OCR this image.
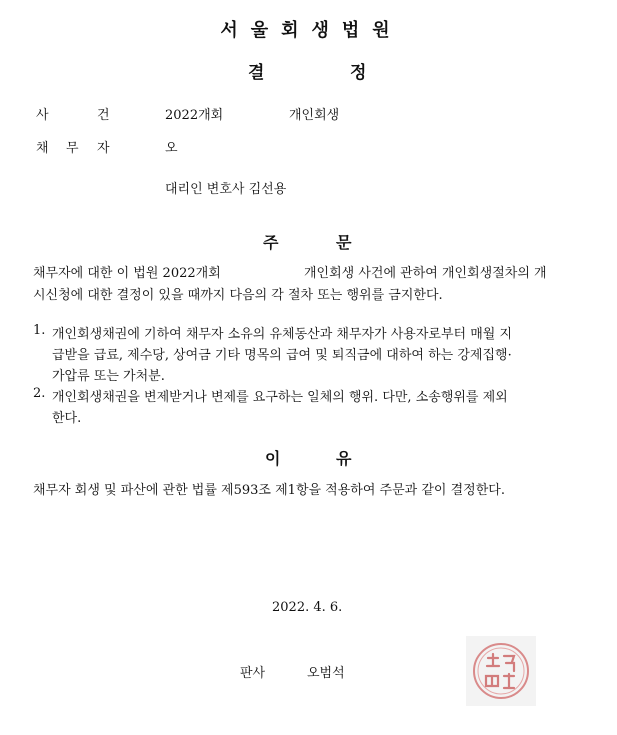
서울회생법원
결	정
사	건	2022개회	개인회생
채 무 자	오
대리인 변호사 김선용
주	문
채무자에 대한 이 법원 2022개회	개인회생 사건에 관하여 개인회생절차의 개
시신청에 대한 결정이 있을 때까지 다음의 각 절차 또는 행위를 금지한다.
1. 개인회생채권에 기하여 채무자 소유의 유체동산과 채무자가 사용자로부터 매월 지
급받을 급료, 제수당, 상여금 기타 명목의 급여 및 퇴직금에 대하여 하는 강제집행·
가압류 또는 가처분.
2. 개인회생채권을 변제받거나 변제를 요구하는 일체의 행위. 다만, 소송행위를 제외
한다.
이	유
채무자 회생 및 파산에 관한 법률 제593조 제1항을 적용하여 주문과 같이 결정한다.
2022. 4. 6.
판사	오범석
